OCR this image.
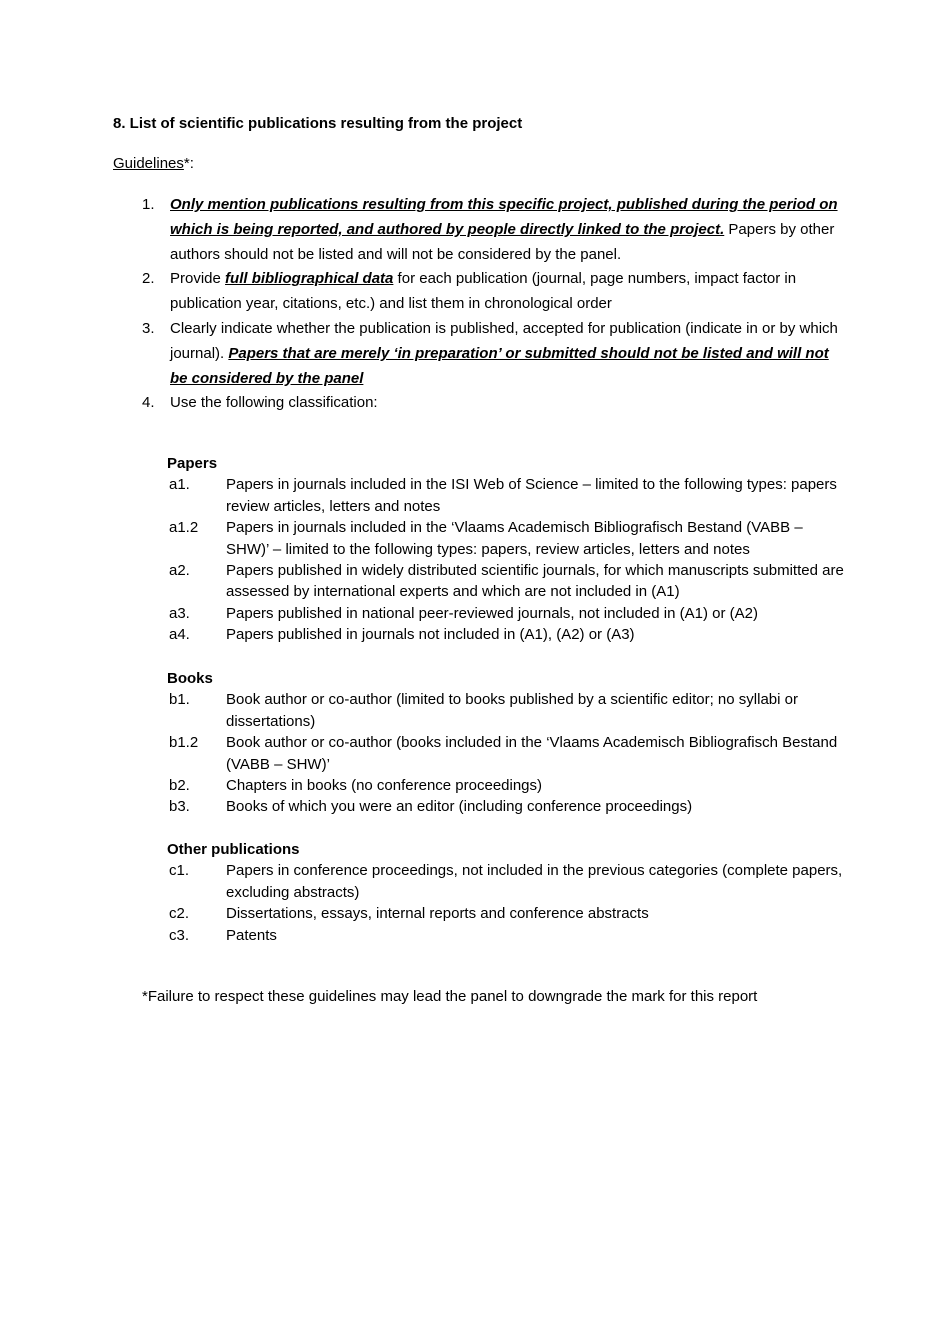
8. List of scientific publications resulting from the project
Guidelines*:
1. Only mention publications resulting from this specific project, published during the period on which is being reported, and authored by people directly linked to the project. Papers by other authors should not be listed and will not be considered by the panel.
2. Provide full bibliographical data for each publication (journal, page numbers, impact factor in publication year, citations, etc.) and list them in chronological order
3. Clearly indicate whether the publication is published, accepted for publication (indicate in or by which journal). Papers that are merely ‘in preparation’ or submitted should not be listed and will not be considered by the panel
4. Use the following classification:
Papers
a1. Papers in journals included in the ISI Web of Science – limited to the following types: papers review articles, letters and notes
a1.2 Papers in journals included in the ‘Vlaams Academisch Bibliografisch Bestand (VABB – SHW)’ – limited to the following types: papers, review articles, letters and notes
a2. Papers published in widely distributed scientific journals, for which manuscripts submitted are assessed by international experts and which are not included in (A1)
a3. Papers published in national peer-reviewed journals, not included in (A1) or (A2)
a4. Papers published in journals not included in (A1), (A2) or (A3)
Books
b1. Book author or co-author (limited to books published by a scientific editor; no syllabi or dissertations)
b1.2 Book author or co-author (books included in the ‘Vlaams Academisch Bibliografisch Bestand (VABB – SHW)’
b2. Chapters in books (no conference proceedings)
b3. Books of which you were an editor (including conference proceedings)
Other publications
c1. Papers in conference proceedings, not included in the previous categories (complete papers, excluding abstracts)
c2. Dissertations, essays, internal reports and conference abstracts
c3. Patents
*Failure to respect these guidelines may lead the panel to downgrade the mark for this report
